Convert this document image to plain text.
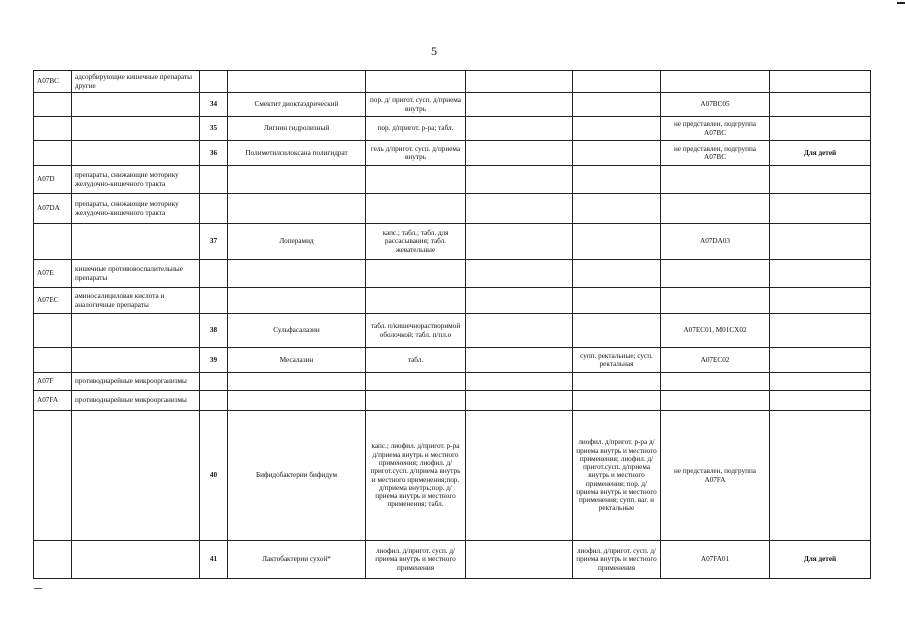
5
A07BC	адсорбирующие кишечные препараты другие							
		34	Смектит диоктаэдрический	пор. д/ пригот. сусп. д/приема внутрь			A07BC05	
		35	Лигнин гидролизный	пор. д/пригот. р-ра; табл.			не представлен, подгруппа A07BC	
		36	Полиметилсилоксана полигидрат	гель д/пригот. сусп. д/приема внутрь			не представлен, подгруппа A07BC	Для детей
A07D	препараты, снижающие моторику желудочно-кишечного тракта							
A07DA	препараты, снижающие моторику желудочно-кишечного тракта							
		37	Лоперамид	капс.; табл.; табл. для рассасывания; табл. жевательные			A07DA03	
A07E	кишечные противовоспалительные препараты							
A07EC	аминосалициловая кислота и аналогичные препараты							
		38	Сульфасалазин	табл. п/кишечнорастворимой оболочкой; табл. п/пл.о			A07EC01, M01CX02	
		39	Месалазин	табл.		супп. ректальные; сусп. ректальная	A07EC02	
A07F	противодиарейные микроорганизмы							
A07FA	противодиарейные микроорганизмы							
		40	Бифидобактерии бифидум	капс.; лиофил. д/пригот. р-ра д/приема внутрь и местного применения; лиофил. д/пригот.сусп. д/приема внутрь и местного применения;пор. д/приема внутрь;пор. д/приема внутрь и местного применения; табл.		лиофил. д/пригот. р-ра д/приема внутрь и местного применения; лиофил. д/пригот.сусп. д/приема внутрь и местного применения; пор. д/приема внутрь и местного применения; супп. ваг. и ректальные	не представлен, подгруппа A07FA	
		41	Лактобактерии сухой*	лиофил. д/пригот. сусп. д/приема внутрь и местного применения		лиофил. д/пригот. сусп. д/приема внутрь и местного применения	A07FA01	Для детей
